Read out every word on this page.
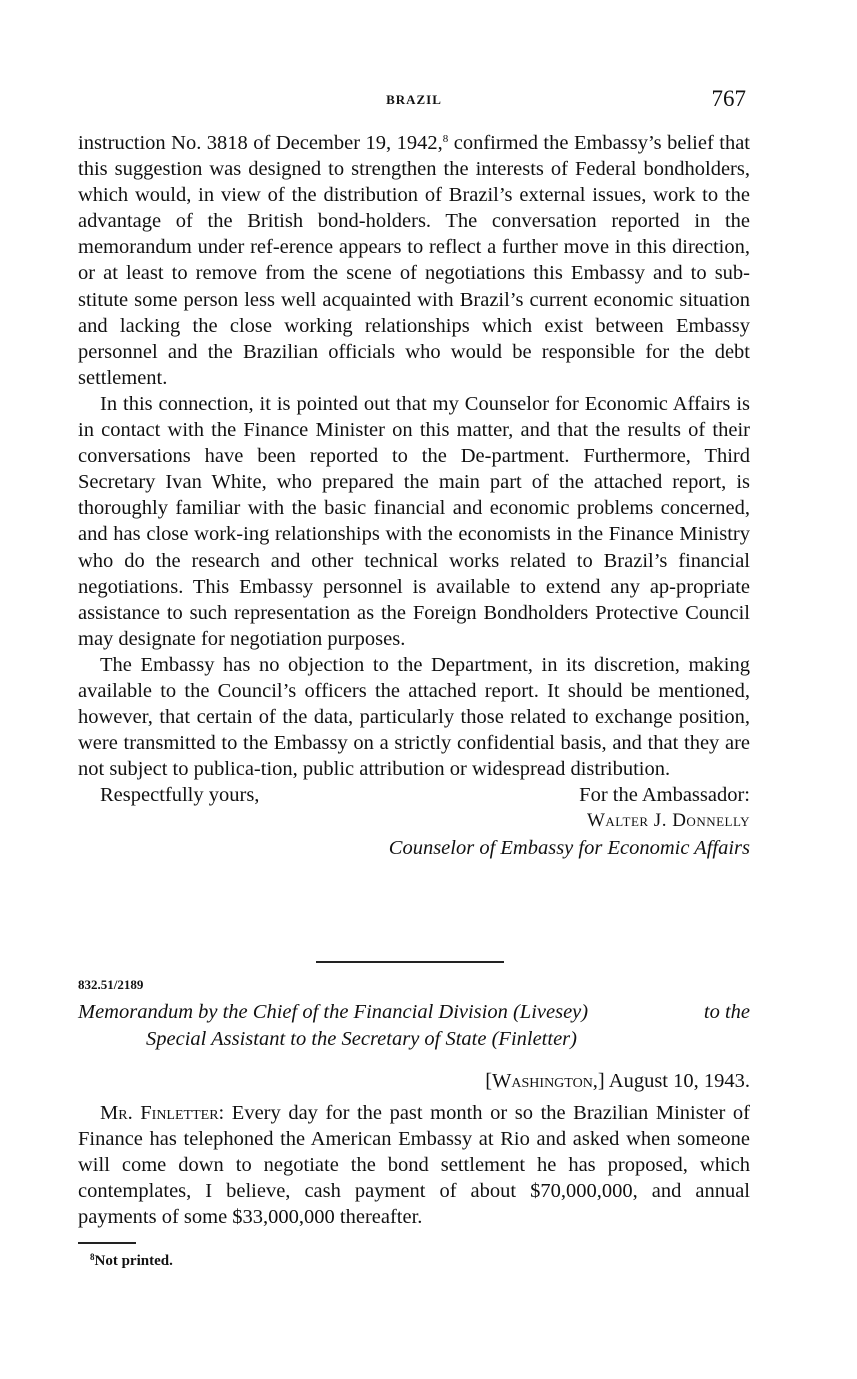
BRAZIL	767

instruction No. 3818 of December 19, 1942,$^8$ confirmed the Embassy’s belief that this suggestion was designed to strengthen the interests of Federal bondholders, which would, in view of the distribution of Brazil’s external issues, work to the advantage of the British bond-holders. The conversation reported in the memorandum under ref-erence appears to reflect a further move in this direction, or at least to remove from the scene of negotiations this Embassy and to sub-stitute some person less well acquainted with Brazil’s current economic situation and lacking the close working relationships which exist between Embassy personnel and the Brazilian officials who would be responsible for the debt settlement.

In this connection, it is pointed out that my Counselor for Economic Affairs is in contact with the Finance Minister on this matter, and that the results of their conversations have been reported to the De-partment. Furthermore, Third Secretary Ivan White, who prepared the main part of the attached report, is thoroughly familiar with the basic financial and economic problems concerned, and has close work-ing relationships with the economists in the Finance Ministry who do the research and other technical works related to Brazil’s financial negotiations. This Embassy personnel is available to extend any ap-propriate assistance to such representation as the Foreign Bondholders Protective Council may designate for negotiation purposes.

The Embassy has no objection to the Department, in its discretion, making available to the Council’s officers the attached report. It should be mentioned, however, that certain of the data, particularly those related to exchange position, were transmitted to the Embassy on a strictly confidential basis, and that they are not subject to publica-tion, public attribution or widespread distribution.

Respectfully yours,	For the Ambassador:
Walter J. Donnelly
Counselor of Embassy for Economic Affairs
832.51/2189
Memorandum by the Chief of the Financial Division (Livesey)	to the
Special Assistant to the Secretary of State (Finletter)
[Washington,] August 10, 1943.

Mr. Finletter: Every day for the past month or so the Brazilian Minister of Finance has telephoned the American Embassy at Rio and asked when someone will come down to negotiate the bond settlement he has proposed, which contemplates, I believe, cash payment of about $70,000,000, and annual payments of some $33,000,000 thereafter.

$^8$Not printed.
